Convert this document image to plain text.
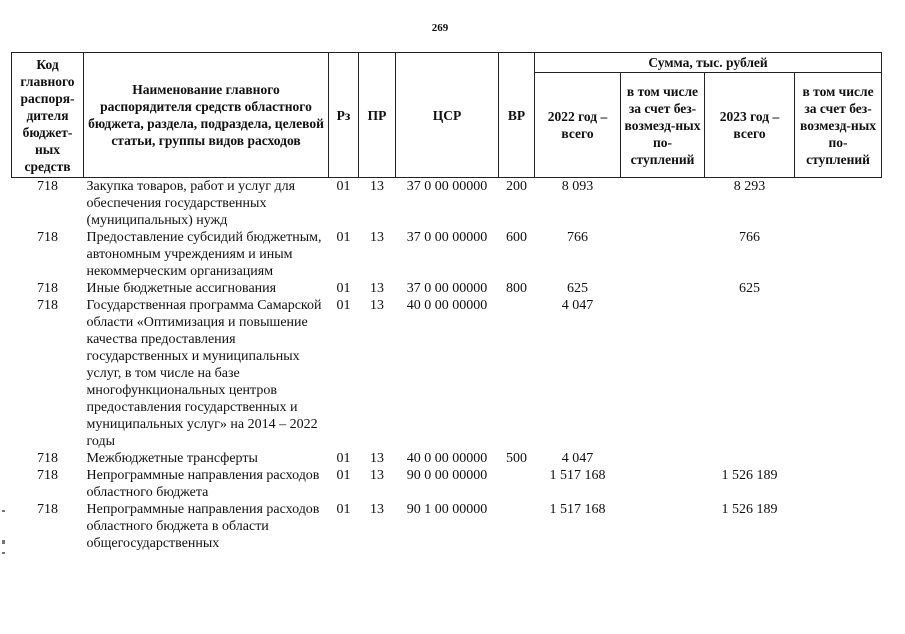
269
Код главного распоря-дителя бюджет-ных средств	Наименование главного распорядителя средств областного бюджета, раздела, подраздела, целевой статьи, группы видов расходов	Рз	ПР	ЦСР	ВР	Сумма, тыс. рублей			
						2022 год – всего	в том числе за счет без-возмезд-ных по-ступлений	2023 год – всего	в том числе за счет без-возмезд-ных по-ступлений
718	Закупка товаров, работ и услуг для обеспечения государственных (муниципальных) нужд	01	13	37 0 00 00000	200	8 093		8 293	
718	Предоставление субсидий бюджетным, автономным учреждениям и иным некоммерческим организациям	01	13	37 0 00 00000	600	766		766	
718	Иные бюджетные ассигнования	01	13	37 0 00 00000	800	625		625	
718	Государственная программа Самарской области «Оптимизация и повышение качества предоставления государственных и муниципальных услуг, в том числе на базе многофункциональных центров предоставления государственных и муниципальных услуг» на 2014 – 2022 годы	01	13	40 0 00 00000		4 047			
718	Межбюджетные трансферты	01	13	40 0 00 00000	500	4 047			
718	Непрограммные направления расходов областного бюджета	01	13	90 0 00 00000		1 517 168		1 526 189	
718	Непрограммные направления расходов областного бюджета в области общегосударственных	01	13	90 1 00 00000		1 517 168		1 526 189	
